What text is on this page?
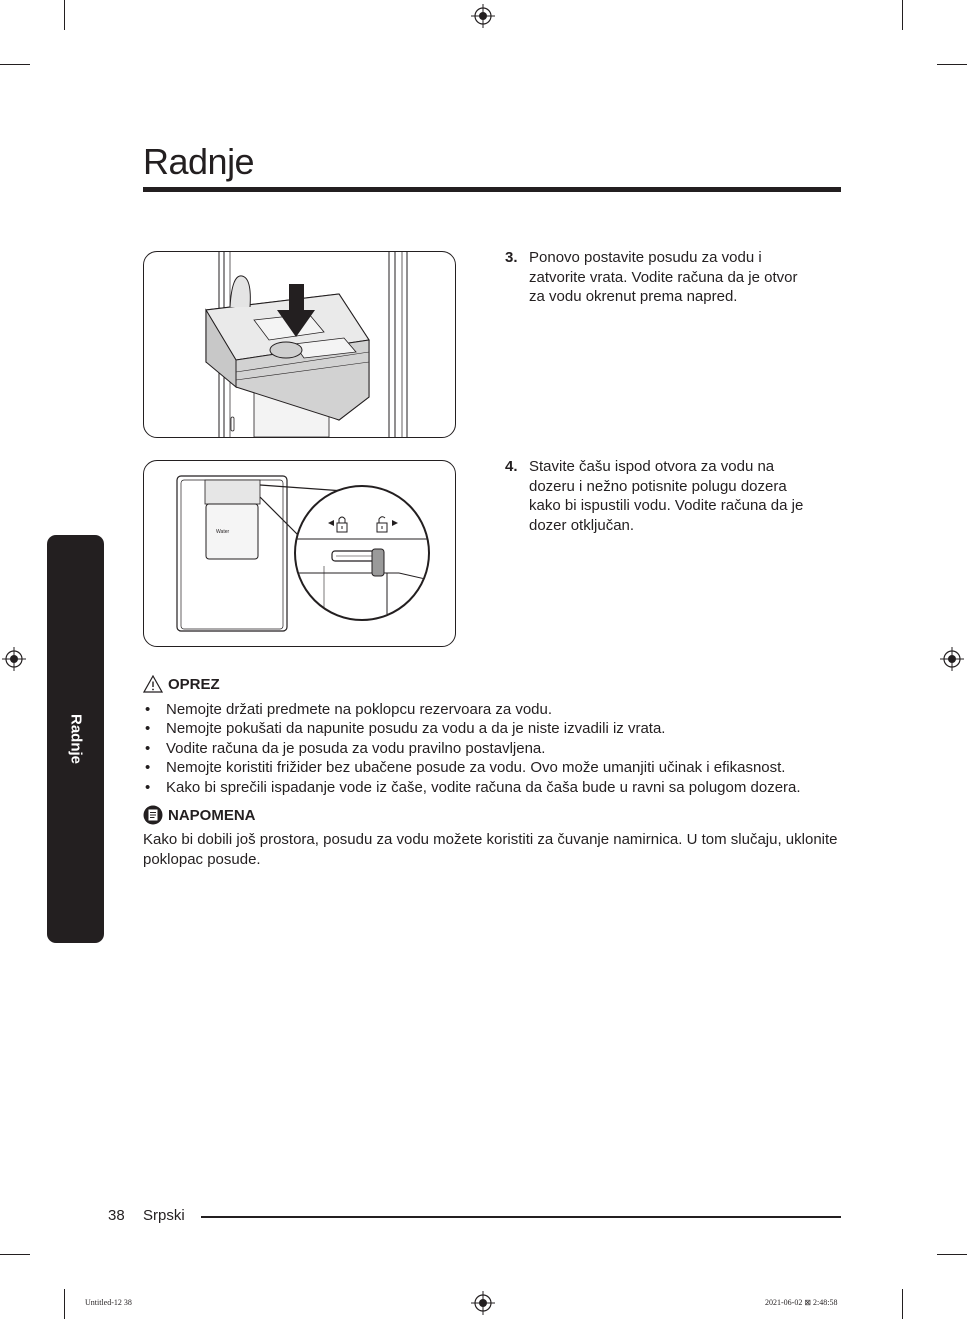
Radnje
Radnje
Water
3. Ponovo postavite posudu za vodu i zatvorite vrata. Vodite računa da je otvor za vodu okrenut prema napred.
4. Stavite čašu ispod otvora za vodu na dozeru i nežno potisnite polugu dozera kako bi ispustili vodu. Vodite računa da je dozer otključan.
OPREZ
• Nemojte držati predmete na poklopcu rezervoara za vodu.
• Nemojte pokušati da napunite posudu za vodu a da je niste izvadili iz vrata.
• Vodite računa da je posuda za vodu pravilno postavljena.
• Nemojte koristiti frižider bez ubačene posude za vodu. Ovo može umanjiti učinak i efikasnost.
• Kako bi sprečili ispadanje vode iz čaše, vodite računa da čaša bude u ravni sa polugom dozera.
NAPOMENA
Kako bi dobili još prostora, posudu za vodu možete koristiti za čuvanje namirnica. U tom slučaju, uklonite poklopac posude.
38 Srpski
Untitled-12 38	2021-06-02 ⊠ 2:48:58
